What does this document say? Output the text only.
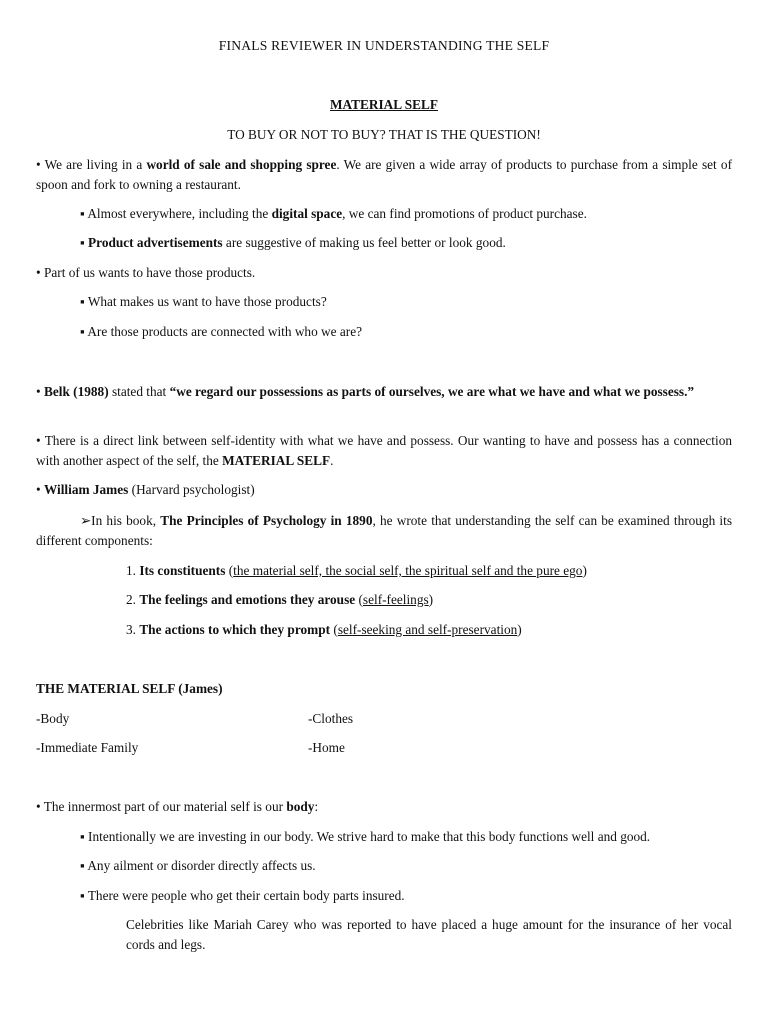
FINALS REVIEWER IN UNDERSTANDING THE SELF

MATERIAL SELF

TO BUY OR NOT TO BUY? THAT IS THE QUESTION!

• We are living in a world of sale and shopping spree. We are given a wide array of products to purchase from a simple set of spoon and fork to owning a restaurant.

▪ Almost everywhere, including the digital space, we can find promotions of product purchase.

▪ Product advertisements are suggestive of making us feel better or look good.

• Part of us wants to have those products.

▪ What makes us want to have those products?

▪ Are those products are connected with who we are?

• Belk (1988) stated that “we regard our possessions as parts of ourselves, we are what we have and what we possess.”

• There is a direct link between self-identity with what we have and possess. Our wanting to have and possess has a connection with another aspect of the self, the MATERIAL SELF.

• William James (Harvard psychologist)

➢In his book, The Principles of Psychology in 1890, he wrote that understanding the self can be examined through its different components:

1. Its constituents (the material self, the social self, the spiritual self and the pure ego)

2. The feelings and emotions they arouse (self-feelings)

3. The actions to which they prompt (self-seeking and self-preservation)

THE MATERIAL SELF (James)

-Body	-Clothes

-Immediate Family	-Home

• The innermost part of our material self is our body:

▪ Intentionally we are investing in our body. We strive hard to make that this body functions well and good.

▪ Any ailment or disorder directly affects us.

▪ There were people who get their certain body parts insured.

Celebrities like Mariah Carey who was reported to have placed a huge amount for the insurance of her vocal cords and legs.
